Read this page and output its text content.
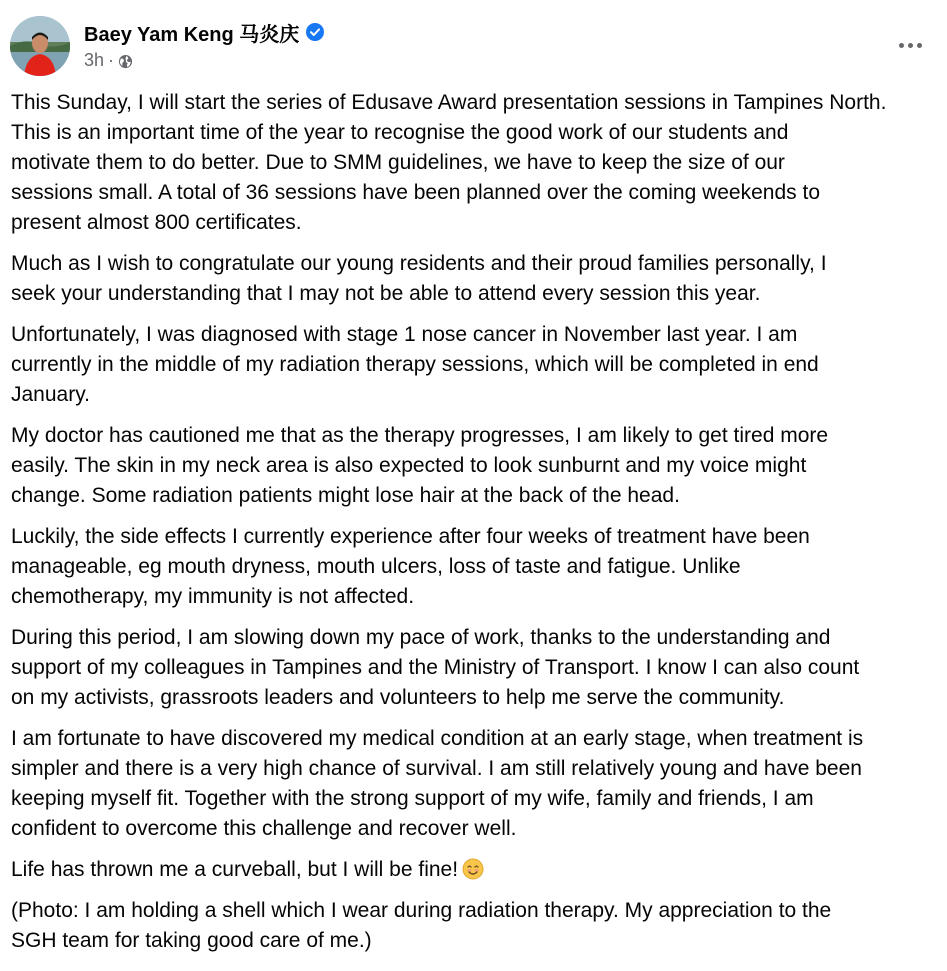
Baey Yam Keng 马炎庆
3h ·

This Sunday, I will start the series of Edusave Award presentation sessions in Tampines North.
This is an important time of the year to recognise the good work of our students and
motivate them to do better. Due to SMM guidelines, we have to keep the size of our
sessions small. A total of 36 sessions have been planned over the coming weekends to
present almost 800 certificates.

Much as I wish to congratulate our young residents and their proud families personally, I
seek your understanding that I may not be able to attend every session this year.

Unfortunately, I was diagnosed with stage 1 nose cancer in November last year. I am
currently in the middle of my radiation therapy sessions, which will be completed in end
January.

My doctor has cautioned me that as the therapy progresses, I am likely to get tired more
easily. The skin in my neck area is also expected to look sunburnt and my voice might
change. Some radiation patients might lose hair at the back of the head.

Luckily, the side effects I currently experience after four weeks of treatment have been
manageable, eg mouth dryness, mouth ulcers, loss of taste and fatigue. Unlike
chemotherapy, my immunity is not affected.

During this period, I am slowing down my pace of work, thanks to the understanding and
support of my colleagues in Tampines and the Ministry of Transport. I know I can also count
on my activists, grassroots leaders and volunteers to help me serve the community.

I am fortunate to have discovered my medical condition at an early stage, when treatment is
simpler and there is a very high chance of survival. I am still relatively young and have been
keeping myself fit. Together with the strong support of my wife, family and friends, I am
confident to overcome this challenge and recover well.

Life has thrown me a curveball, but I will be fine!

(Photo: I am holding a shell which I wear during radiation therapy. My appreciation to the
SGH team for taking good care of me.)
